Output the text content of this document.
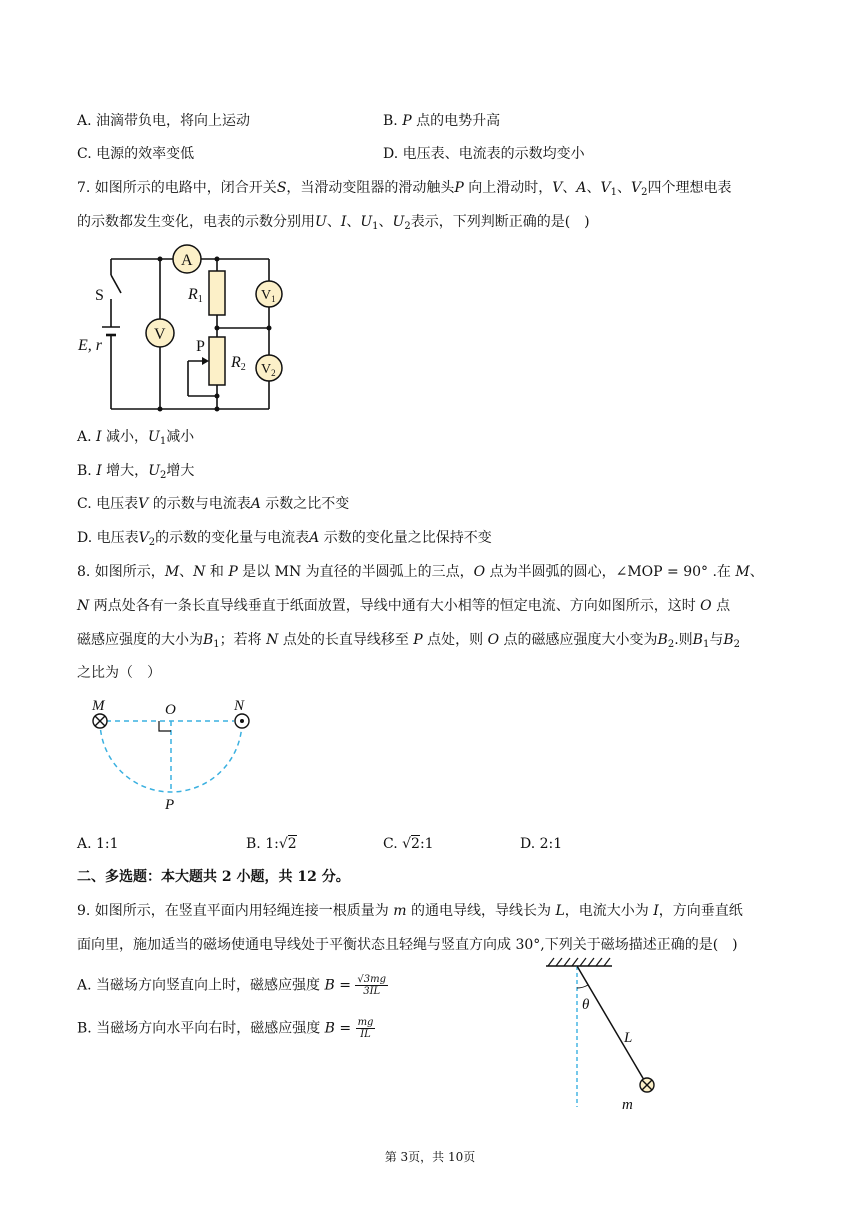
A. 油滴带负电，将向上运动	B. P 点的电势升高
C. 电源的效率变低	D. 电压表、电流表的示数均变小
7. 如图所示的电路中，闭合开关S，当滑动变阻器的滑动触头P 向上滑动时，V、A、$V_1$、$V_2$四个理想电表
的示数都发生变化，电表的示数分别用U、I、$U_1$、$U_2$表示，下列判断正确的是(　)
A
V
$V_1$
$V_2$
S
E, r	P
R1
R2
A. I 减小，$U_1$减小
B. I 增大，$U_2$增大
C. 电压表V 的示数与电流表A 示数之比不变
D. 电压表$V_2$的示数的变化量与电流表A 示数的变化量之比保持不变
8. 如图所示，M、N 和 P 是以 MN 为直径的半圆弧上的三点，O 点为半圆弧的圆心，∠MOP = 90° .在 M、
N 两点处各有一条长直导线垂直于纸面放置，导线中通有大小相等的恒定电流、方向如图所示，这时 O 点
磁感应强度的大小为$B_1$；若将 N 点处的长直导线移至 P 点处，则 O 点的磁感应强度大小变为$B_2$.则$B_1$与$B_2$
之比为（　）
M	O	N
P
A. 1:1	B. 1:√2	C. √2:1	D. 2:1
二、多选题：本大题共 2 小题，共 12 分。
9. 如图所示，在竖直平面内用轻绳连接一根质量为 m 的通电导线，导线长为 L，电流大小为 I，方向垂直纸
面向里，施加适当的磁场使通电导线处于平衡状态且轻绳与竖直方向成 30°,下列关于磁场描述正确的是(　)
A. 当磁场方向竖直向上时，磁感应强度 $B = \frac{√3mg}{3IL}$
B. 当磁场方向水平向右时，磁感应强度 $B = \frac{mg}{IL}$
θ
L
m
第 3页，共 10页
